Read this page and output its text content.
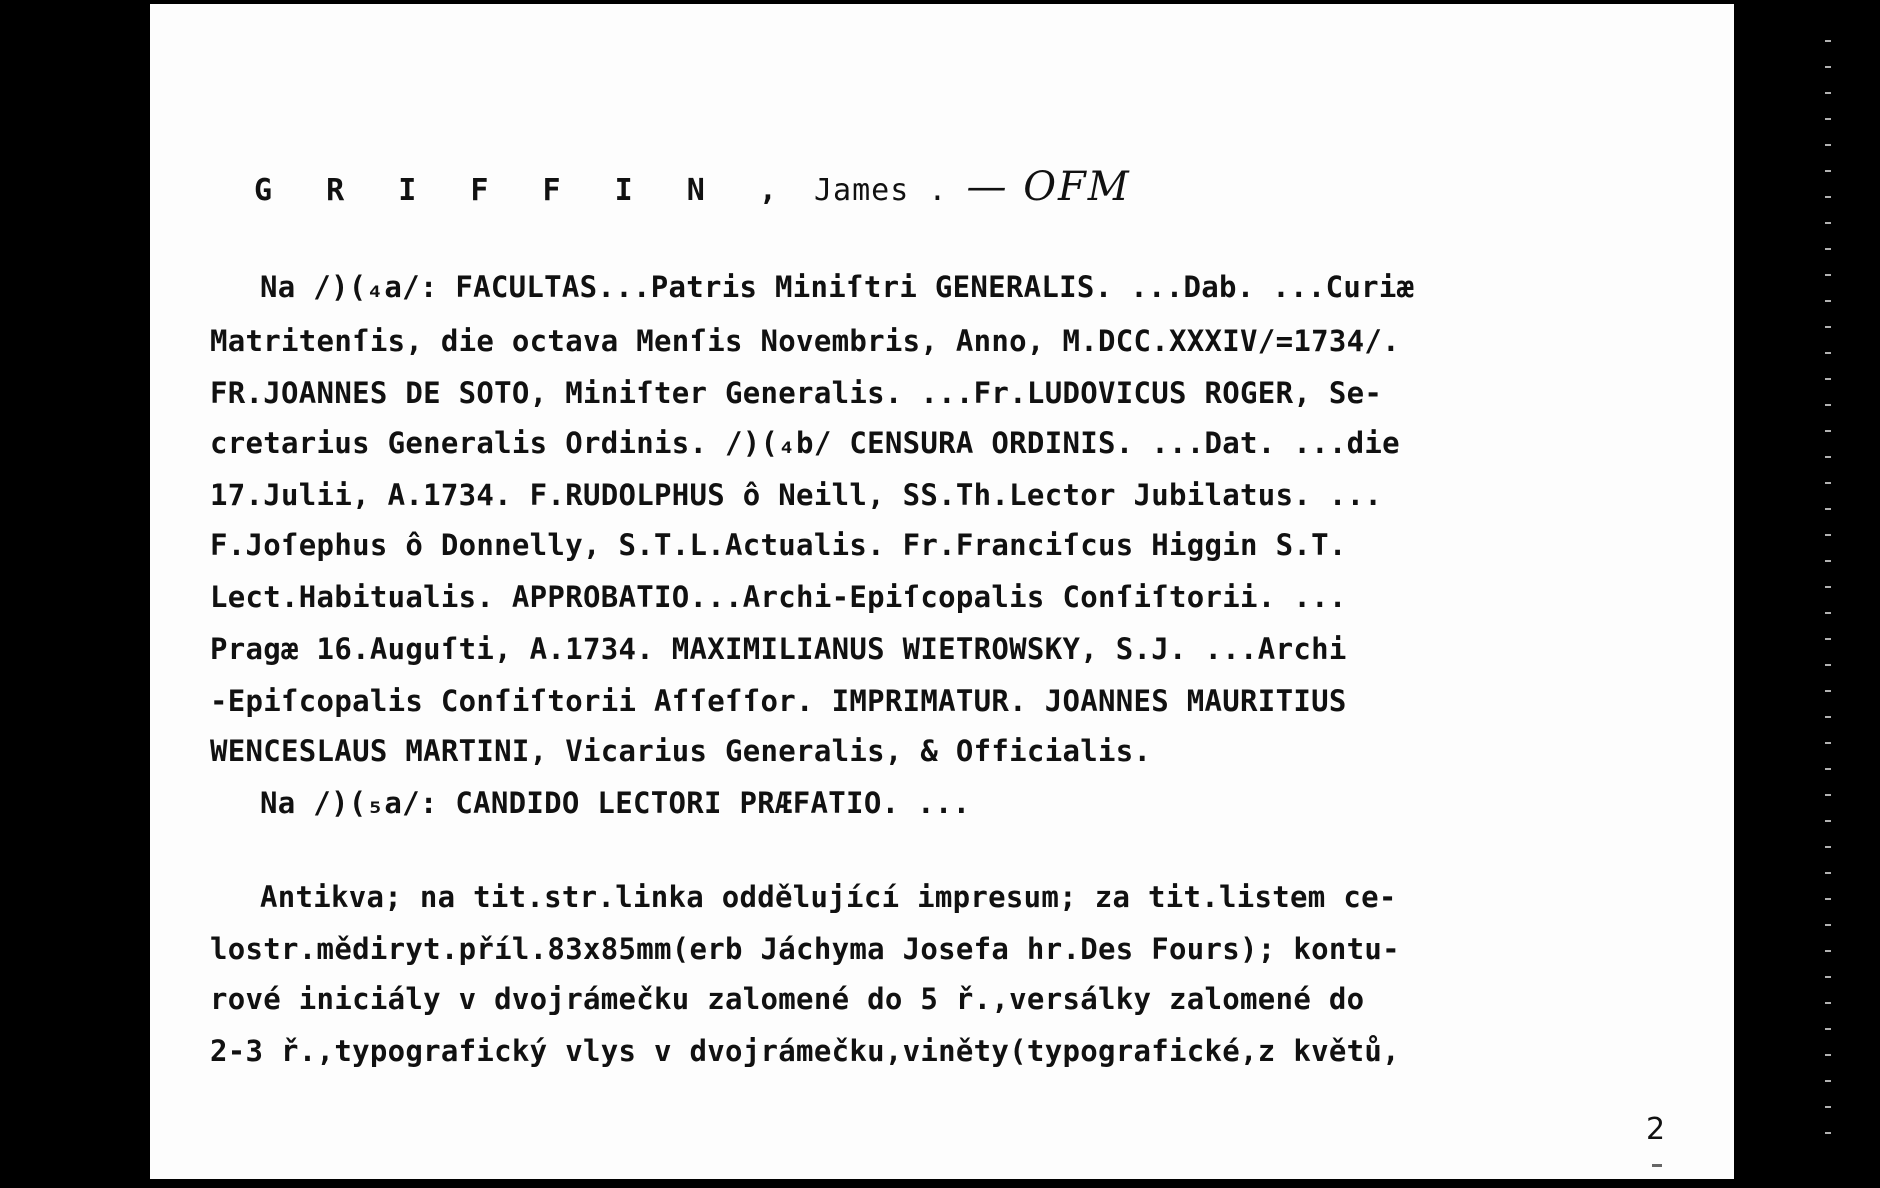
G R I F F I N , James . — OFM
Na /)(₄a/: FACULTAS...Patris Miniſtri GENERALIS. ...Dab. ...Curiæ
Matritenſis, die octava Menſis Novembris, Anno, M.DCC.XXXIV/=1734/.
FR.JOANNES DE SOTO, Miniſter Generalis. ...Fr.LUDOVICUS ROGER, Se-
cretarius Generalis Ordinis. /)(₄b/ CENSURA ORDINIS. ...Dat. ...die
17.Julii, A.1734. F.RUDOLPHUS ô Neill, SS.Th.Lector Jubilatus. ...
F.Joſephus ô Donnelly, S.T.L.Actualis. Fr.Franciſcus Higgin S.T.
Lect.Habitualis. APPROBATIO...Archi-Epiſcopalis Conſiſtorii. ...
Pragæ 16.Auguſti, A.1734. MAXIMILIANUS WIETROWSKY, S.J. ...Archi
-Epiſcopalis Conſiſtorii Aſſeſſor. IMPRIMATUR. JOANNES MAURITIUS
WENCESLAUS MARTINI, Vicarius Generalis, & Officialis.
Na /)(₅a/: CANDIDO LECTORI PRÆFATIO. ...
Antikva; na tit.str.linka oddělující impresum; za tit.listem ce-
lostr.mědiryt.příl.83x85mm(erb Jáchyma Josefa hr.Des Fours); kontu-
rové iniciály v dvojrámečku zalomené do 5 ř.,versálky zalomené do
2-3 ř.,typografický vlys v dvojrámečku,viněty(typografické,z květů,
2
